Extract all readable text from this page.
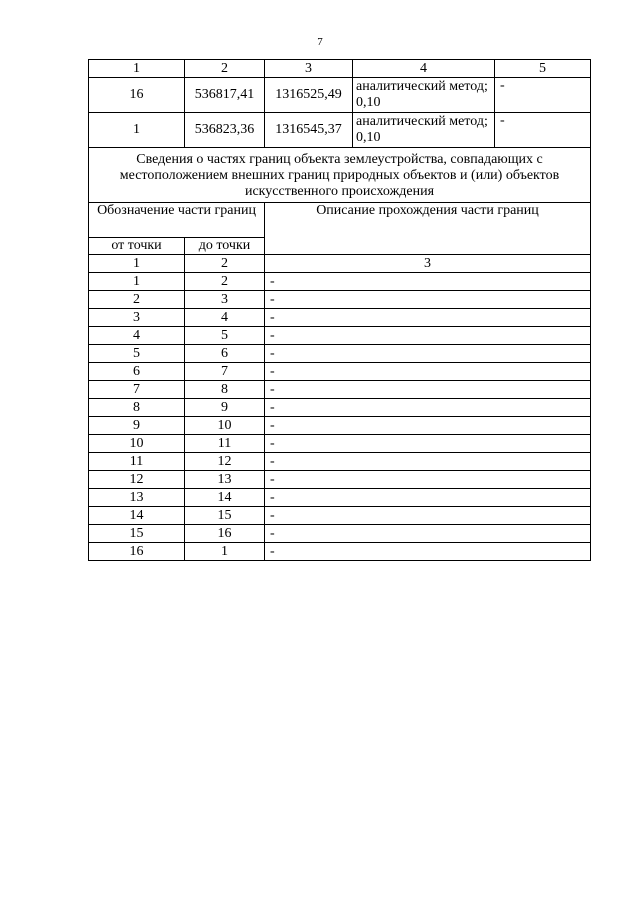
7
1	2	3	4	5
16	536817,41	1316525,49	аналитический метод; 0,10	-
1	536823,36	1316545,37	аналитический метод; 0,10	-
Сведения о частях границ объекта землеустройства, совпадающих с местоположением внешних границ природных объектов и (или) объектов искусственного происхождения				
Обозначение части границ		Описание прохождения части границ		
от точки	до точки			
1	2	3		
1	2	-		
2	3	-		
3	4	-		
4	5	-		
5	6	-		
6	7	-		
7	8	-		
8	9	-		
9	10	-		
10	11	-		
11	12	-		
12	13	-		
13	14	-		
14	15	-		
15	16	-		
16	1	-		
